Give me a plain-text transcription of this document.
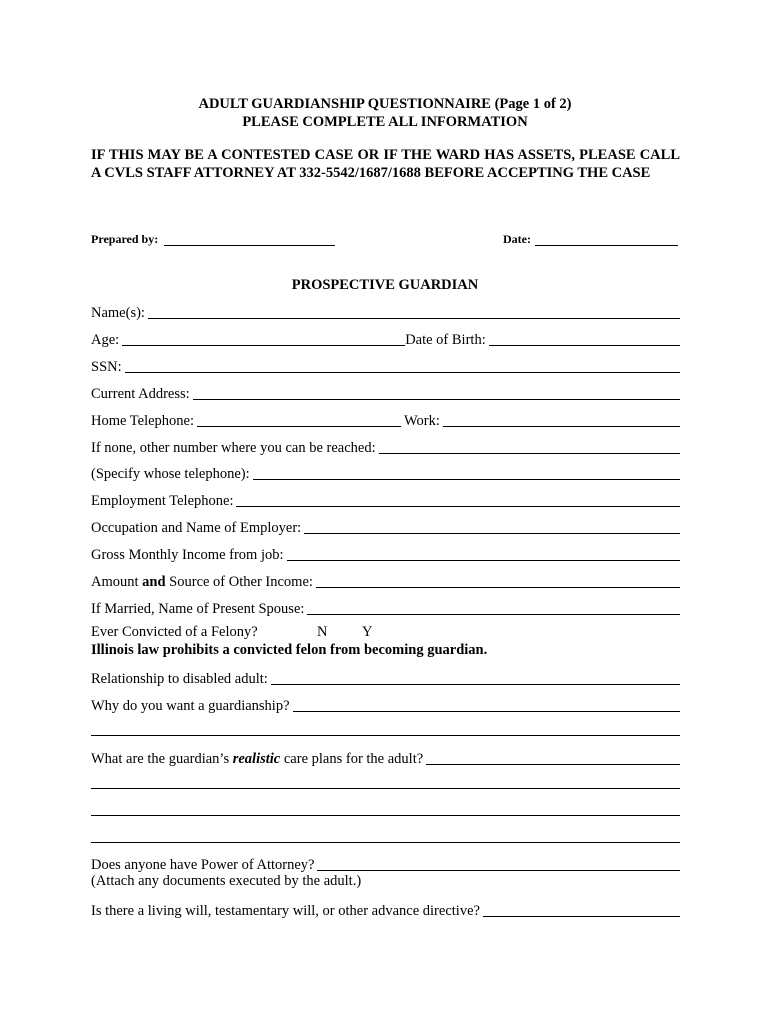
ADULT GUARDIANSHIP QUESTIONNAIRE (Page 1 of 2)
PLEASE COMPLETE ALL INFORMATION
IF THIS MAY BE A CONTESTED CASE OR IF THE WARD HAS ASSETS, PLEASE CALL A CVLS STAFF ATTORNEY AT 332-5542/1687/1688 BEFORE ACCEPTING THE CASE
Prepared by:	Date:
PROSPECTIVE GUARDIAN
Name(s):
Age:	Date of Birth:
SSN:
Current Address:
Home Telephone:	Work:
If none, other number where you can be reached:
(Specify whose telephone):
Employment Telephone:
Occupation and Name of Employer:
Gross Monthly Income from job:
Amount and Source of Other Income:
If Married, Name of Present Spouse:
Ever Convicted of a Felony?	N Y
Illinois law prohibits a convicted felon from becoming guardian.
Relationship to disabled adult:
Why do you want a guardianship?
What are the guardian’s realistic care plans for the adult?
Does anyone have Power of Attorney?
(Attach any documents executed by the adult.)
Is there a living will, testamentary will, or other advance directive?
